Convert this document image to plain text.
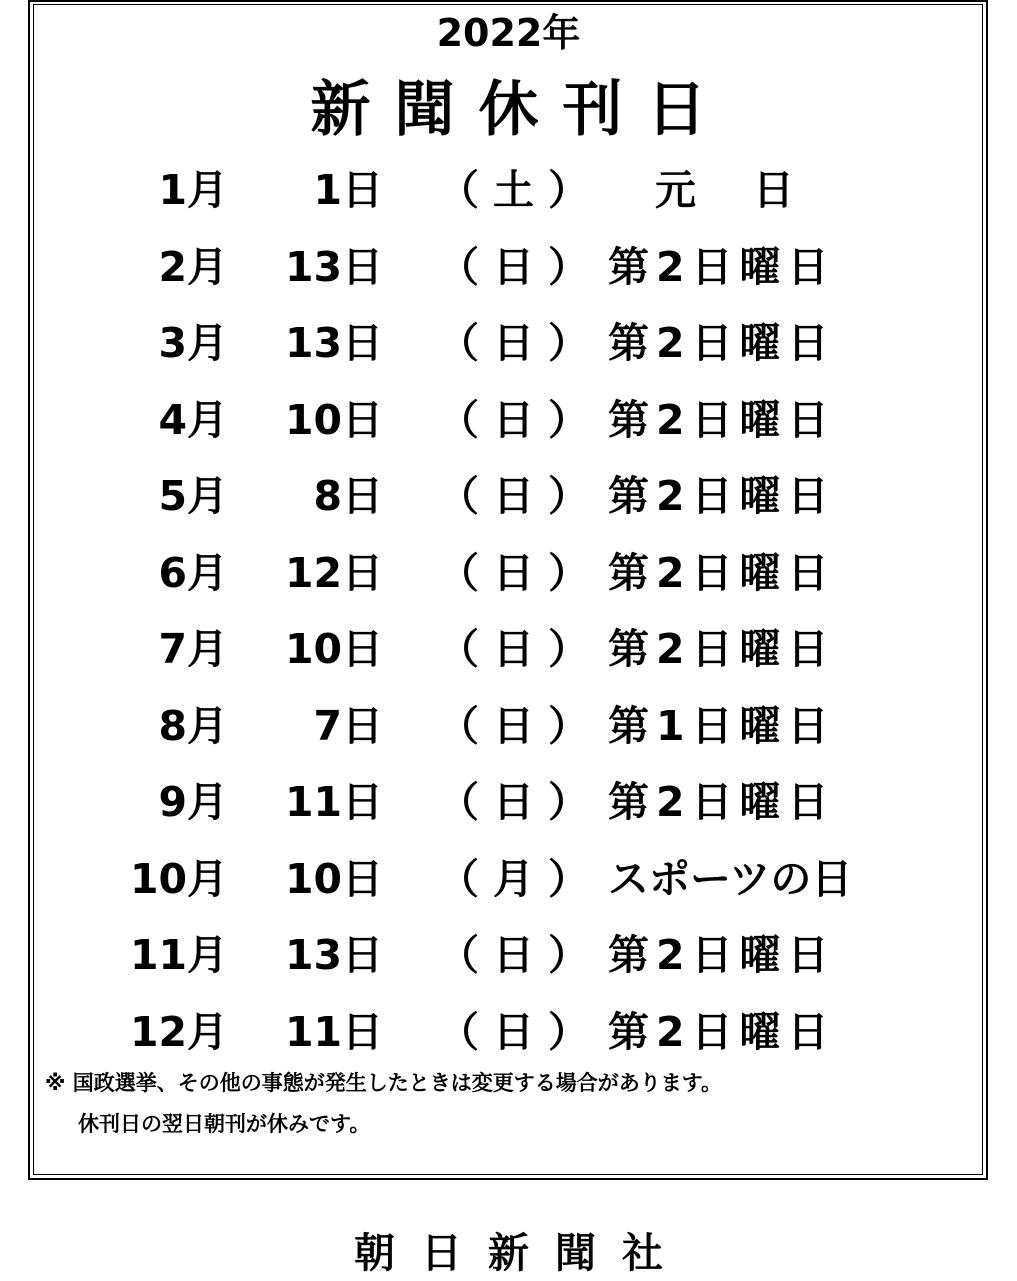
2022年
新聞休刊日
1月 1日 （土） 元　日
2月 13日 （日） 第2日曜日
3月 13日 （日） 第2日曜日
4月 10日 （日） 第2日曜日
5月 8日 （日） 第2日曜日
6月 12日 （日） 第2日曜日
7月 10日 （日） 第2日曜日
8月 7日 （日） 第1日曜日
9月 11日 （日） 第2日曜日
10月 10日 （月） スポーツの日
11月 13日 （日） 第2日曜日
12月 11日 （日） 第2日曜日
※ 国政選挙、その他の事態が発生したときは変更する場合があります。
休刊日の翌日朝刊が休みです。
朝日新聞社
